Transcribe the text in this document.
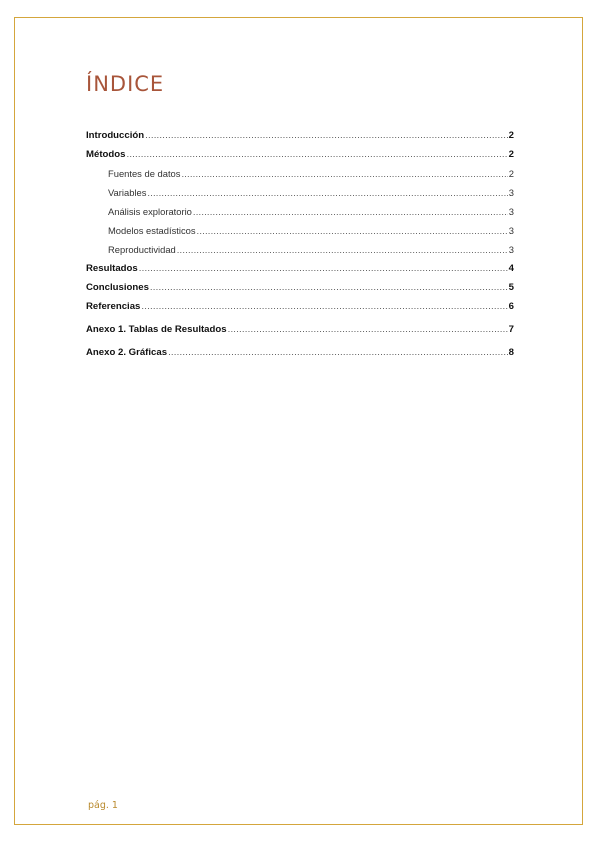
ÍNDICE
Introducción .....	2
Métodos .....	2
Fuentes de datos .....	2
Variables .....	3
Análisis exploratorio .....	3
Modelos estadísticos .....	3
Reproductividad .....	3
Resultados .....	4
Conclusiones .....	5
Referencias .....	6
Anexo 1. Tablas de Resultados .....	7
Anexo 2. Gráficas .....	8
pág. 1
